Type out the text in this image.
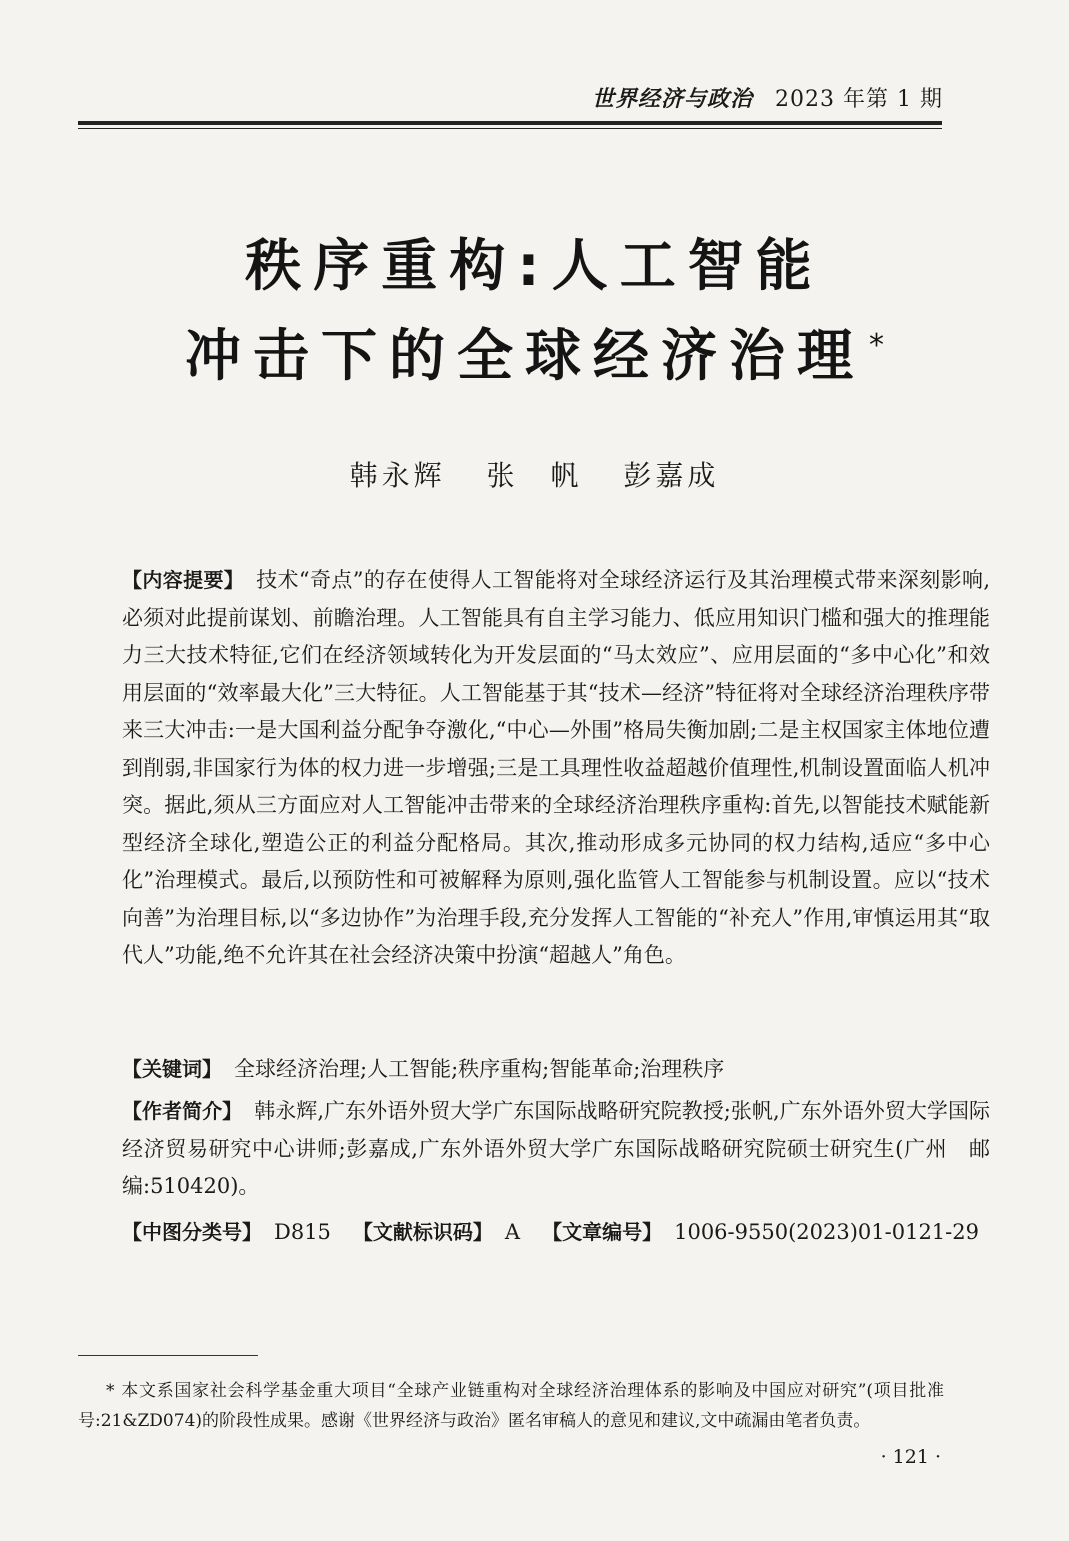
世界经济与政治 2023 年第 1 期
秩序重构:人工智能
冲击下的全球经济治理 *
韩永辉 张　帆 彭嘉成
【内容提要】 技术“奇点”的存在使得人工智能将对全球经济运行及其治理模式带来深刻影响,必须对此提前谋划、前瞻治理。人工智能具有自主学习能力、低应用知识门槛和强大的推理能力三大技术特征,它们在经济领域转化为开发层面的“马太效应”、应用层面的“多中心化”和效用层面的“效率最大化”三大特征。人工智能基于其“技术—经济”特征将对全球经济治理秩序带来三大冲击:一是大国利益分配争夺激化,“中心—外围”格局失衡加剧;二是主权国家主体地位遭到削弱,非国家行为体的权力进一步增强;三是工具理性收益超越价值理性,机制设置面临人机冲突。据此,须从三方面应对人工智能冲击带来的全球经济治理秩序重构:首先,以智能技术赋能新型经济全球化,塑造公正的利益分配格局。其次,推动形成多元协同的权力结构,适应“多中心化”治理模式。最后,以预防性和可被解释为原则,强化监管人工智能参与机制设置。应以“技术向善”为治理目标,以“多边协作”为治理手段,充分发挥人工智能的“补充人”作用,审慎运用其“取代人”功能,绝不允许其在社会经济决策中扮演“超越人”角色。
【关键词】 全球经济治理;人工智能;秩序重构;智能革命;治理秩序
【作者简介】 韩永辉,广东外语外贸大学广东国际战略研究院教授;张帆,广东外语外贸大学国际经济贸易研究中心讲师;彭嘉成,广东外语外贸大学广东国际战略研究院硕士研究生(广州　邮编:510420)。
【中图分类号】 D815 【文献标识码】 A 【文章编号】 1006-9550(2023)01-0121-29
* 本文系国家社会科学基金重大项目“全球产业链重构对全球经济治理体系的影响及中国应对研究”(项目批准号:21&ZD074)的阶段性成果。感谢《世界经济与政治》匿名审稿人的意见和建议,文中疏漏由笔者负责。
· 121 ·
